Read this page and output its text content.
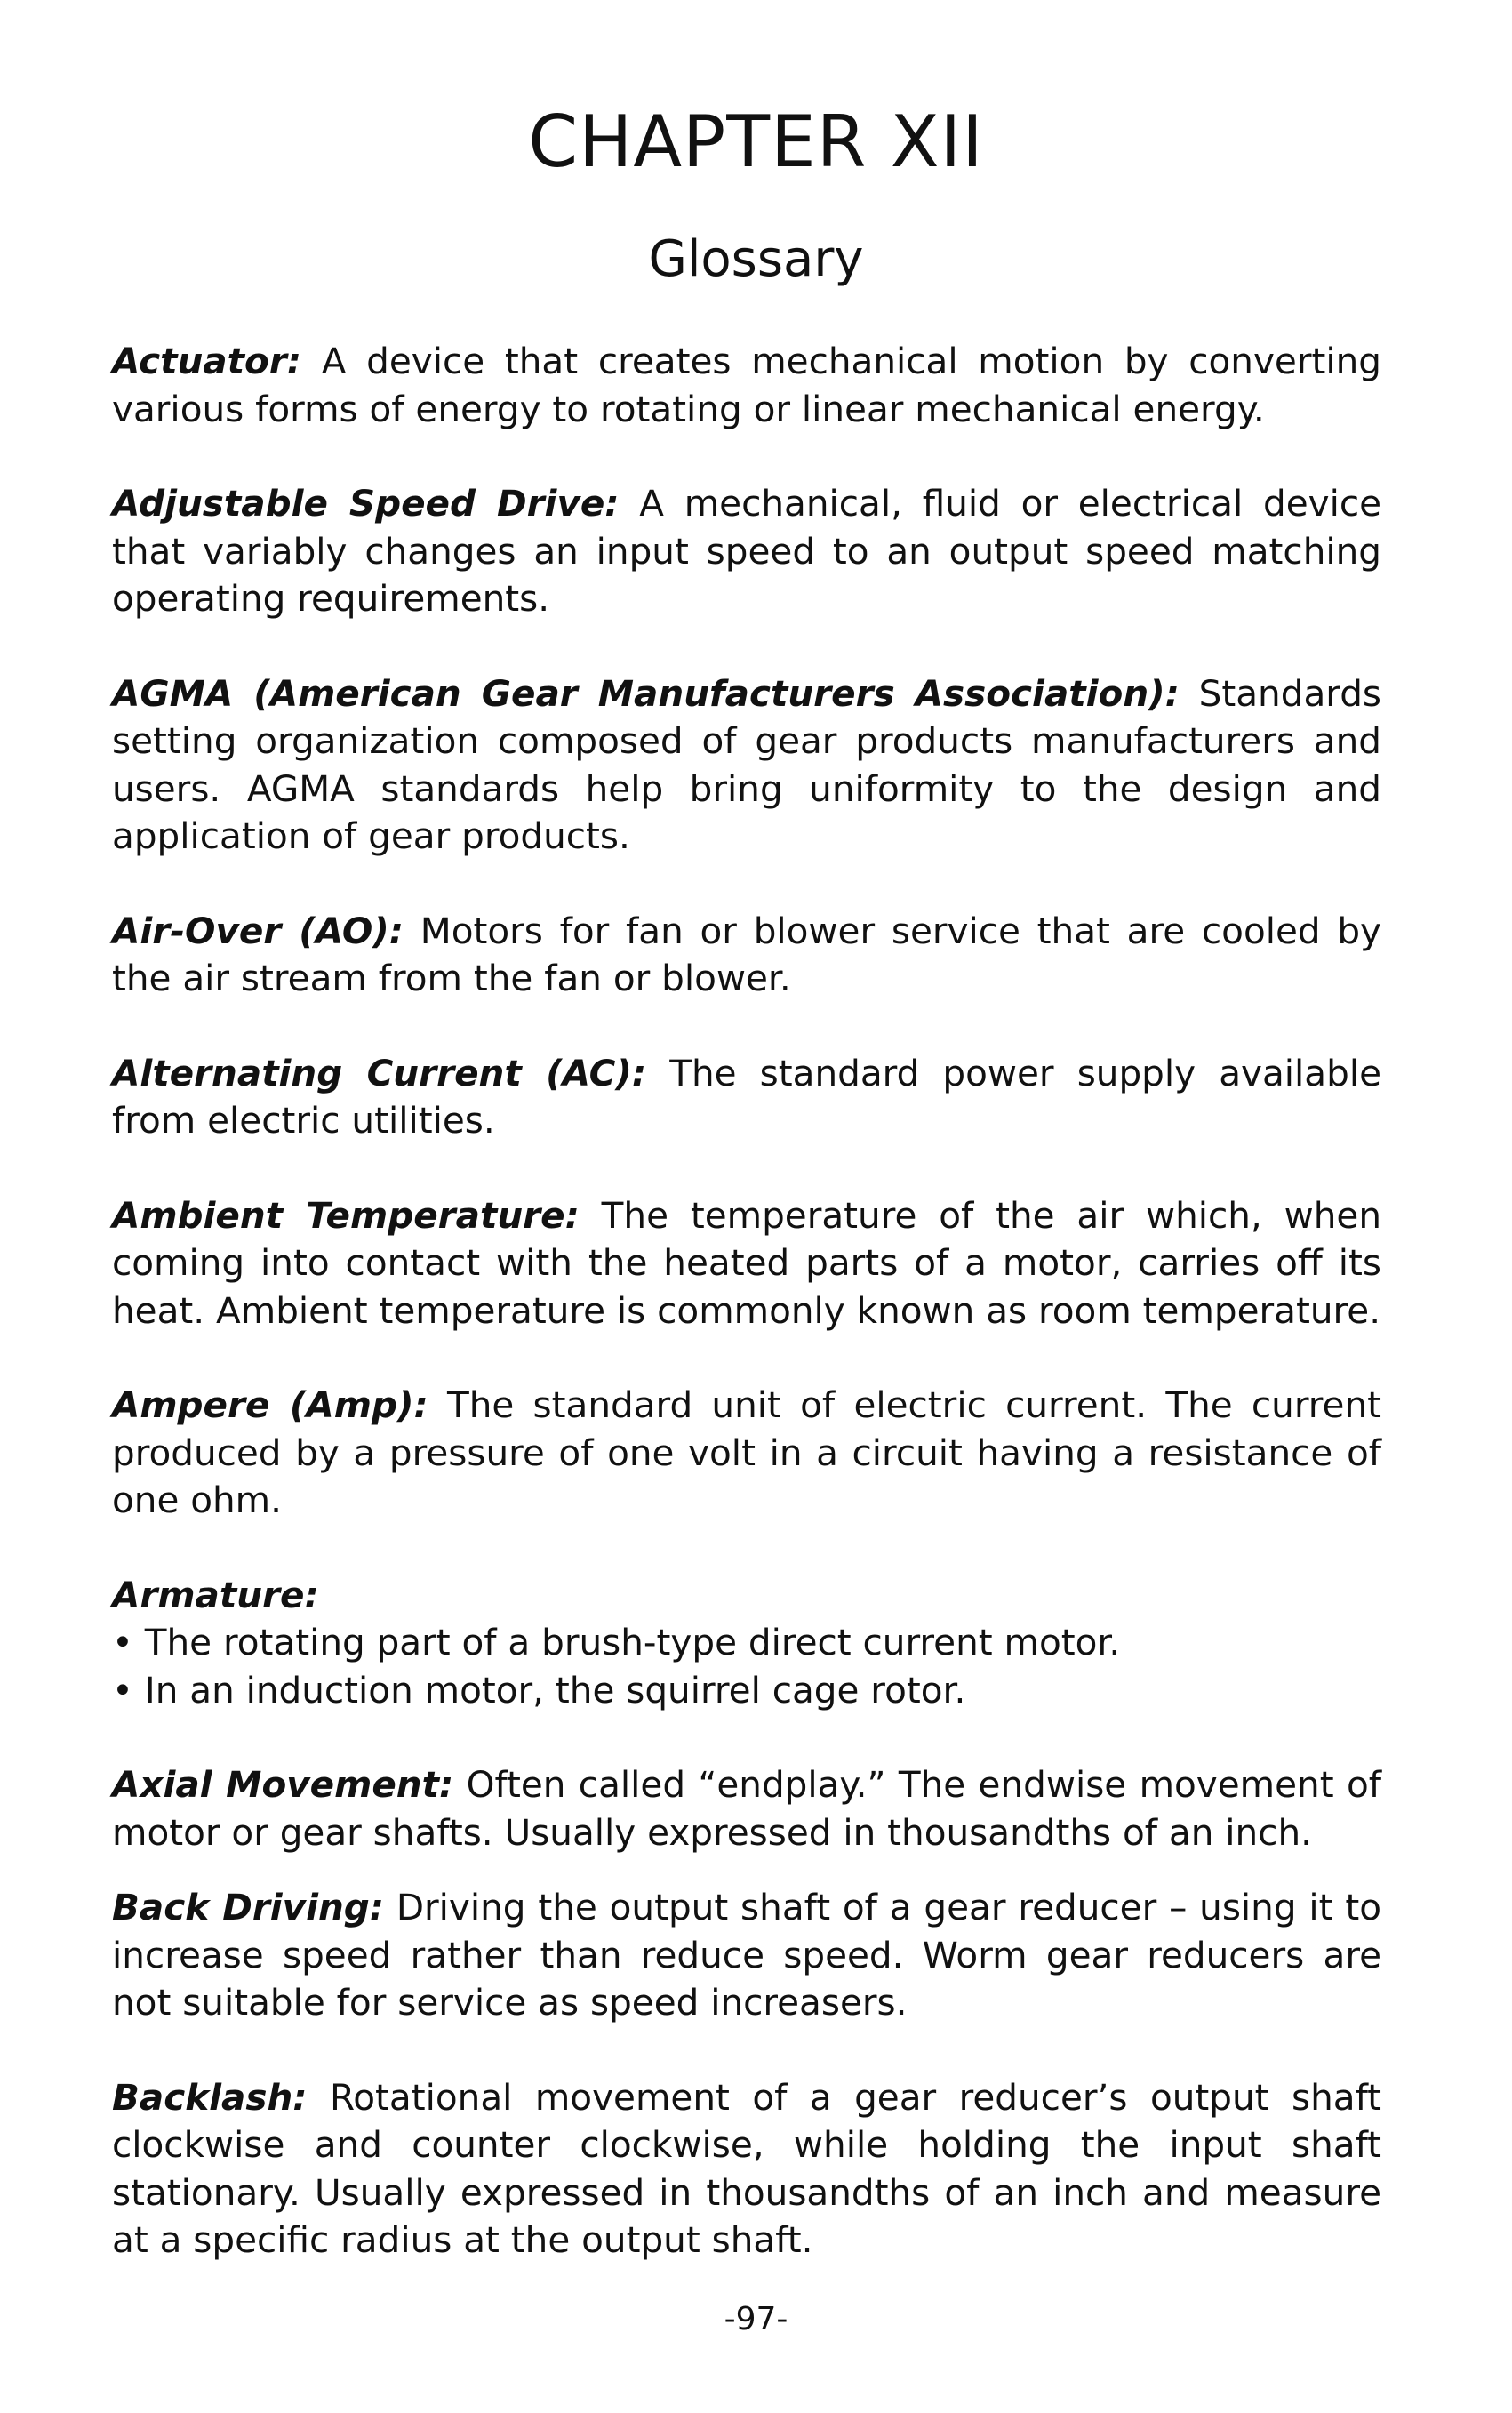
CHAPTER XII
Glossary

Actuator: A device that creates mechanical motion by converting various forms of energy to rotating or linear mechanical energy.

Adjustable Speed Drive: A mechanical, fluid or electrical device that variably changes an input speed to an output speed matching operating requirements.

AGMA (American Gear Manufacturers Association): Standards setting organization composed of gear products manufacturers and users. AGMA standards help bring uniformity to the design and application of gear products.

Air-Over (AO): Motors for fan or blower service that are cooled by the air stream from the fan or blower.

Alternating Current (AC): The standard power supply available from electric utilities.

Ambient Temperature: The temperature of the air which, when coming into contact with the heated parts of a motor, carries off its heat. Ambient temperature is commonly known as room temperature.

Ampere (Amp): The standard unit of electric current. The current produced by a pressure of one volt in a circuit having a resistance of one ohm.

Armature:
• The rotating part of a brush-type direct current motor.
• In an induction motor, the squirrel cage rotor.

Axial Movement: Often called “endplay.” The endwise movement of motor or gear shafts. Usually expressed in thousandths of an inch.

Back Driving: Driving the output shaft of a gear reducer – using it to increase speed rather than reduce speed. Worm gear reducers are not suitable for service as speed increasers.

Backlash: Rotational movement of a gear reducer’s output shaft clockwise and counter clockwise, while holding the input shaft stationary. Usually expressed in thousandths of an inch and measure at a specific radius at the output shaft.

-97-
